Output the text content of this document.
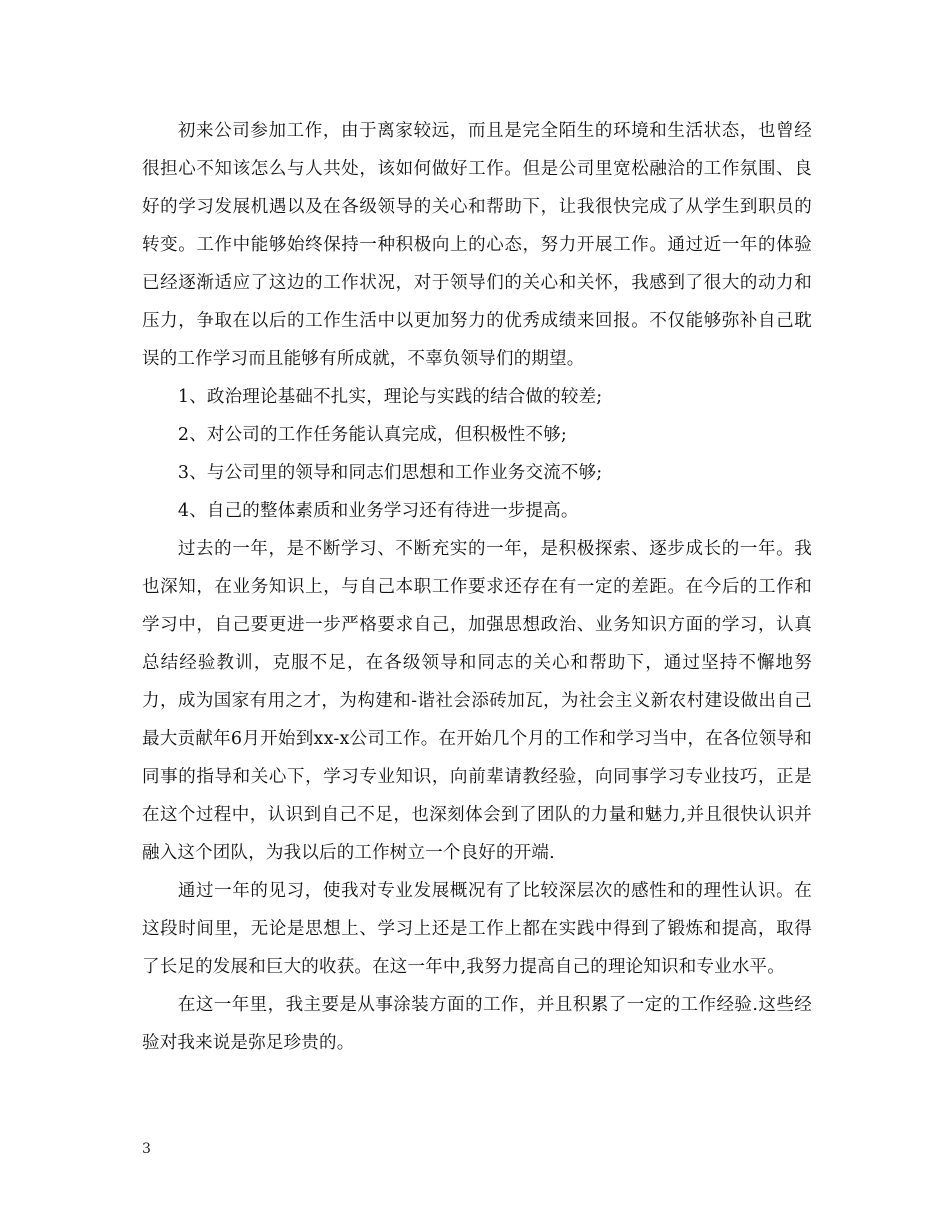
初来公司参加工作，由于离家较远，而且是完全陌生的环境和生活状态，也曾经很担心不知该怎么与人共处，该如何做好工作。但是公司里宽松融洽的工作氛围、良好的学习发展机遇以及在各级领导的关心和帮助下，让我很快完成了从学生到职员的转变。工作中能够始终保持一种积极向上的心态，努力开展工作。通过近一年的体验已经逐渐适应了这边的工作状况，对于领导们的关心和关怀，我感到了很大的动力和压力，争取在以后的工作生活中以更加努力的优秀成绩来回报。不仅能够弥补自己耽误的工作学习而且能够有所成就，不辜负领导们的期望。

1、政治理论基础不扎实，理论与实践的结合做的较差;

2、对公司的工作任务能认真完成，但积极性不够;

3、与公司里的领导和同志们思想和工作业务交流不够;

4、自己的整体素质和业务学习还有待进一步提高。

过去的一年，是不断学习、不断充实的一年，是积极探索、逐步成长的一年。我也深知，在业务知识上，与自己本职工作要求还存在有一定的差距。在今后的工作和学习中，自己要更进一步严格要求自己，加强思想政治、业务知识方面的学习，认真总结经验教训，克服不足，在各级领导和同志的关心和帮助下，通过坚持不懈地努力，成为国家有用之才，为构建和-谐社会添砖加瓦，为社会主义新农村建设做出自己最大贡献年6月开始到xx-x公司工作。在开始几个月的工作和学习当中，在各位领导和同事的指导和关心下，学习专业知识，向前辈请教经验，向同事学习专业技巧，正是在这个过程中，认识到自己不足，也深刻体会到了团队的力量和魅力,并且很快认识并融入这个团队，为我以后的工作树立一个良好的开端.

通过一年的见习，使我对专业发展概况有了比较深层次的感性和的理性认识。在这段时间里，无论是思想上、学习上还是工作上都在实践中得到了锻炼和提高，取得了长足的发展和巨大的收获。在这一年中,我努力提高自己的理论知识和专业水平。

在这一年里，我主要是从事涂装方面的工作，并且积累了一定的工作经验.这些经验对我来说是弥足珍贵的。

3
